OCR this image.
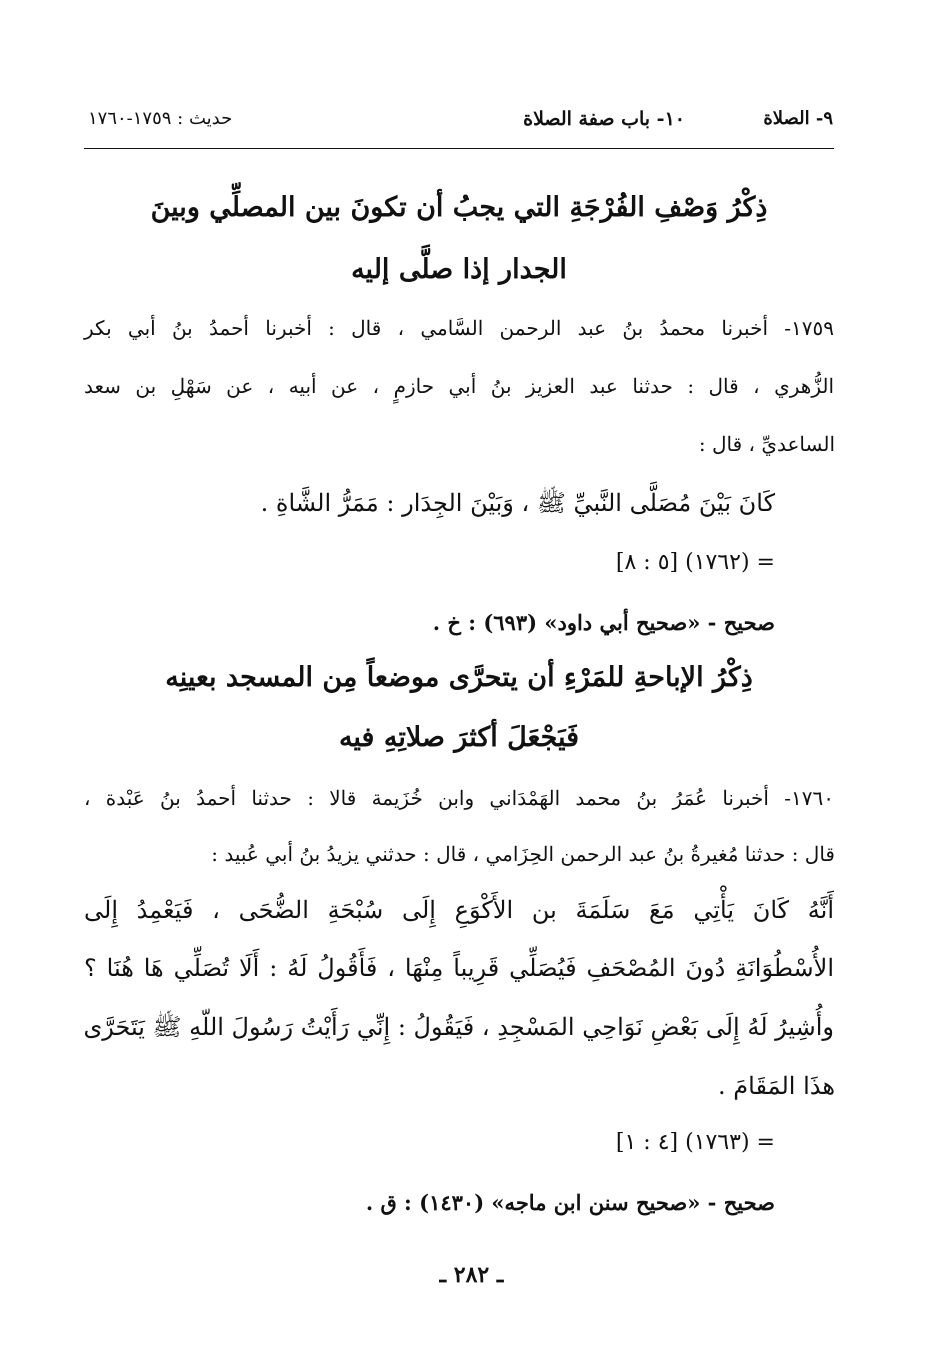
٩- الصلاة
١٠- باب صفة الصلاة
حديث : ١٧٥٩-١٧٦٠
ذِكْرُ وَصْفِ الفُرْجَةِ التي يجبُ أن تكونَ بين المصلِّي وبينَ
الجدار إذا صلَّى إليه
١٧٥٩- أخبرنا محمدُ بنُ عبد الرحمن السَّامي ، قال : أخبرنا أحمدُ بنُ أبي بكر
الزُّهري ، قال : حدثنا عبد العزيز بنُ أبي حازمٍ ، عن أبيه ، عن سَهْلِ بن سعد
الساعديِّ ، قال :
كَانَ بَيْنَ مُصَلَّى النَّبيِّ ﷺ ، وَبَيْنَ الجِدَار : مَمَرُّ الشَّاةِ .
= (١٧٦٢) [٥ : ٨]
صحيح - «صحيح أبي داود» (٦٩٣) : خ .
ذِكْرُ الإباحةِ للمَرْءِ أن يتحرَّى موضعاً مِن المسجد بعينِه
فَيَجْعَلَ أكثرَ صلاتِهِ فيه
١٧٦٠- أخبرنا عُمَرُ بنُ محمد الهَمْدَاني وابن خُزَيمة قالا : حدثنا أحمدُ بنُ عَبْدة ،
قال : حدثنا مُغيرةُ بنُ عبد الرحمن الحِزَامي ، قال : حدثني يزيدُ بنُ أبي عُبيد :
أَنَّهُ كَانَ يَأْتِي مَعَ سَلَمَةَ بن الأَكْوَعِ إِلَى سُبْحَةِ الضُّحَى ، فَيَعْمِدُ إِلَى
الأُسْطُوَانَةِ دُونَ المُصْحَفِ فَيُصَلِّي قَرِيباً مِنْهَا ، فَأَقُولُ لَهُ : أَلَا تُصَلِّي هَا هُنَا ؟
وأُشِيرُ لَهُ إِلَى بَعْضِ نَوَاحِي المَسْجِدِ ، فَيَقُولُ : إِنِّي رَأَيْتُ رَسُولَ اللّهِ ﷺ يَتَحَرَّى
هذَا المَقَامَ .
= (١٧٦٣) [٤ : ١]
صحيح - «صحيح سنن ابن ماجه» (١٤٣٠) : ق .
ـ ٢٨٢ ـ
